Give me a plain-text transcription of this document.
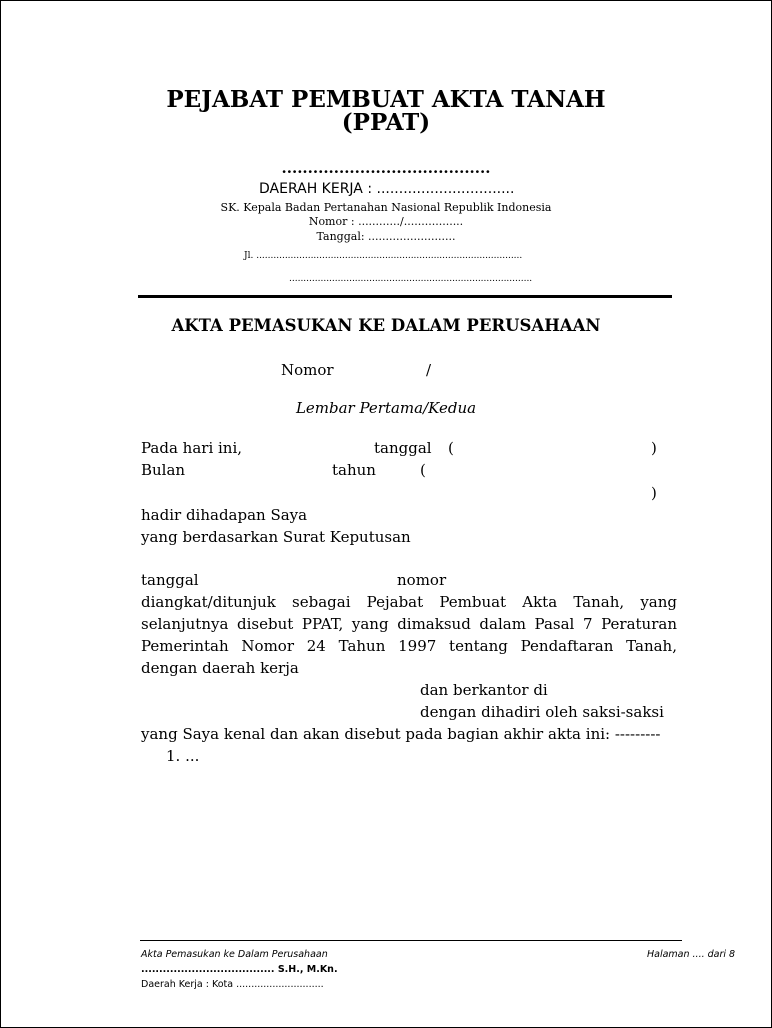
PEJABAT PEMBUAT AKTA TANAH
(PPAT)
........................................
DAERAH KERJA : ...............................
SK. Kepala Badan Pertanahan Nasional Republik Indonesia
Nomor : ............/.................
Tanggal: .........................
Jl. .............................................................................................
.....................................................................................
AKTA PEMASUKAN KE DALAM PERUSAHAAN
Nomor	/
Lembar Pertama/Kedua
Pada hari ini,	tanggal (	)
Bulan	tahun	(
)
hadir dihadapan Saya
yang berdasarkan Surat Keputusan
tanggal	nomor
diangkat/ditunjuk sebagai Pejabat Pembuat Akta Tanah, yang
selanjutnya disebut PPAT, yang dimaksud dalam Pasal 7 Peraturan
Pemerintah Nomor 24 Tahun 1997 tentang Pendaftaran Tanah,
dengan daerah kerja
dan berkantor di
dengan dihadiri oleh saksi-saksi
yang Saya kenal dan akan disebut pada bagian akhir akta ini: ---------
1. ...
Akta Pemasukan ke Dalam Perusahaan	Halaman .... dari 8
..................................... S.H., M.Kn.
Daerah Kerja : Kota .............................
